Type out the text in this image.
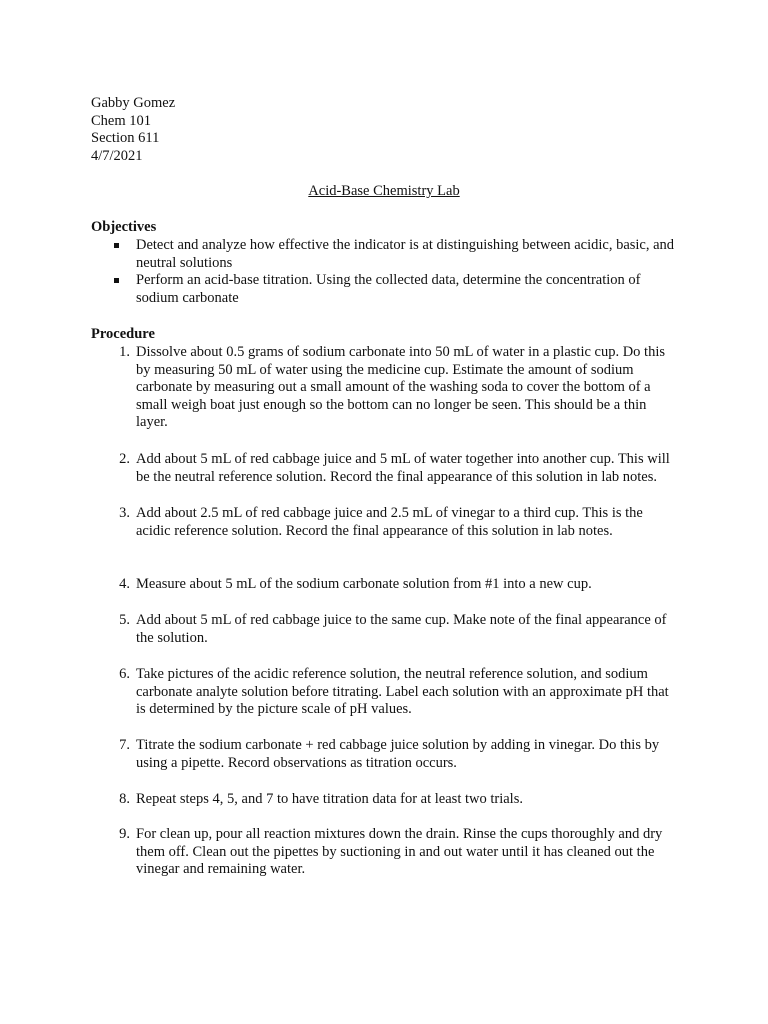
Gabby Gomez
Chem 101
Section 611
4/7/2021
Acid-Base Chemistry Lab
Objectives
Detect and analyze how effective the indicator is at distinguishing between acidic, basic, and neutral solutions
Perform an acid-base titration. Using the collected data, determine the concentration of sodium carbonate
Procedure
1. Dissolve about 0.5 grams of sodium carbonate into 50 mL of water in a plastic cup. Do this by measuring 50 mL of water using the medicine cup. Estimate the amount of sodium carbonate by measuring out a small amount of the washing soda to cover the bottom of a small weigh boat just enough so the bottom can no longer be seen. This should be a thin layer.
2. Add about 5 mL of red cabbage juice and 5 mL of water together into another cup. This will be the neutral reference solution. Record the final appearance of this solution in lab notes.
3. Add about 2.5 mL of red cabbage juice and 2.5 mL of vinegar to a third cup. This is the acidic reference solution. Record the final appearance of this solution in lab notes.
4. Measure about 5 mL of the sodium carbonate solution from #1 into a new cup.
5. Add about 5 mL of red cabbage juice to the same cup. Make note of the final appearance of the solution.
6. Take pictures of the acidic reference solution, the neutral reference solution, and sodium carbonate analyte solution before titrating. Label each solution with an approximate pH that is determined by the picture scale of pH values.
7. Titrate the sodium carbonate + red cabbage juice solution by adding in vinegar. Do this by using a pipette. Record observations as titration occurs.
8. Repeat steps 4, 5, and 7 to have titration data for at least two trials.
9. For clean up, pour all reaction mixtures down the drain. Rinse the cups thoroughly and dry them off. Clean out the pipettes by suctioning in and out water until it has cleaned out the vinegar and remaining water.
